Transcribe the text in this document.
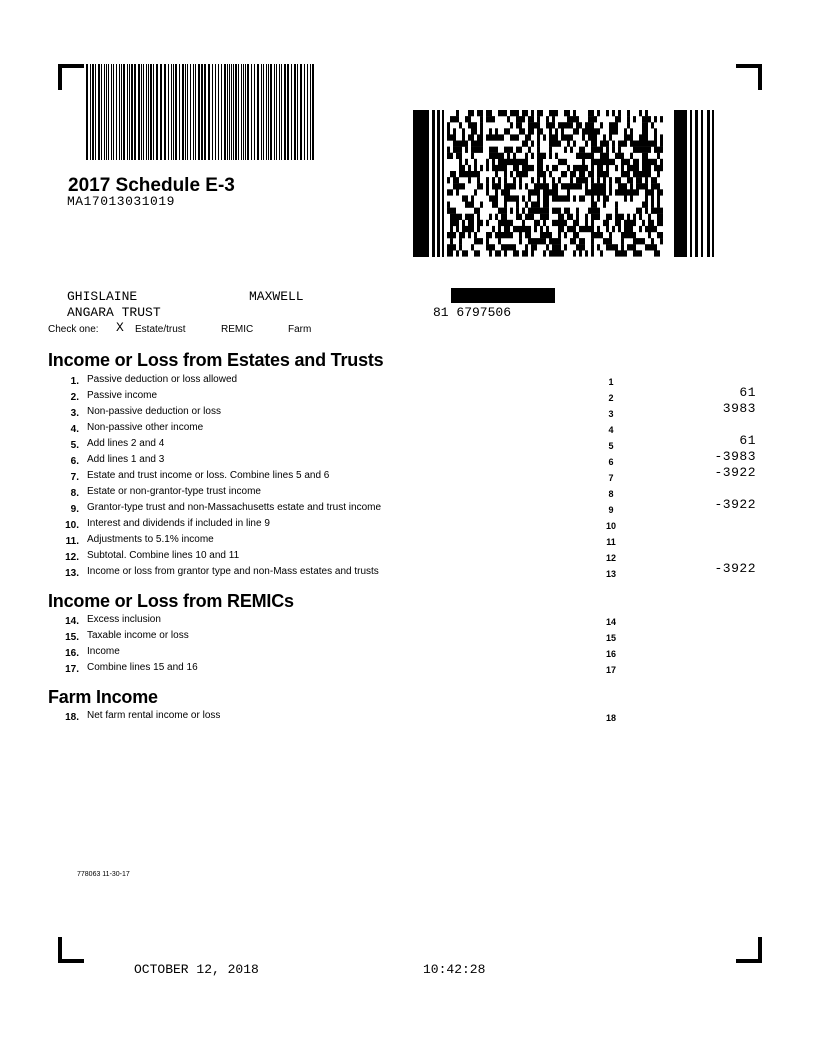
2017 Schedule E-3
MA17013031019
GHISLAINE	MAXWELL
ANGARA TRUST	81 6797506
Check one: X Estate/trust	REMIC	Farm
Income or Loss from Estates and Trusts
1. Passive deduction or loss allowed	1
2. Passive income	2	61
3. Non-passive deduction or loss	3	3983
4. Non-passive other income	4
5. Add lines 2 and 4	5	61
6. Add lines 1 and 3	6	-3983
7. Estate and trust income or loss. Combine lines 5 and 6	7	-3922
8. Estate or non-grantor-type trust income	8
9. Grantor-type trust and non-Massachusetts estate and trust income	9	-3922
10. Interest and dividends if included in line 9	10
11. Adjustments to 5.1% income	11
12. Subtotal. Combine lines 10 and 11	12
13. Income or loss from grantor type and non-Mass estates and trusts	13	-3922
Income or Loss from REMICs
14. Excess inclusion	14
15. Taxable income or loss	15
16. Income	16
17. Combine lines 15 and 16	17
Farm Income
18. Net farm rental income or loss	18
778063 11-30-17
OCTOBER 12, 2018	10:42:28
